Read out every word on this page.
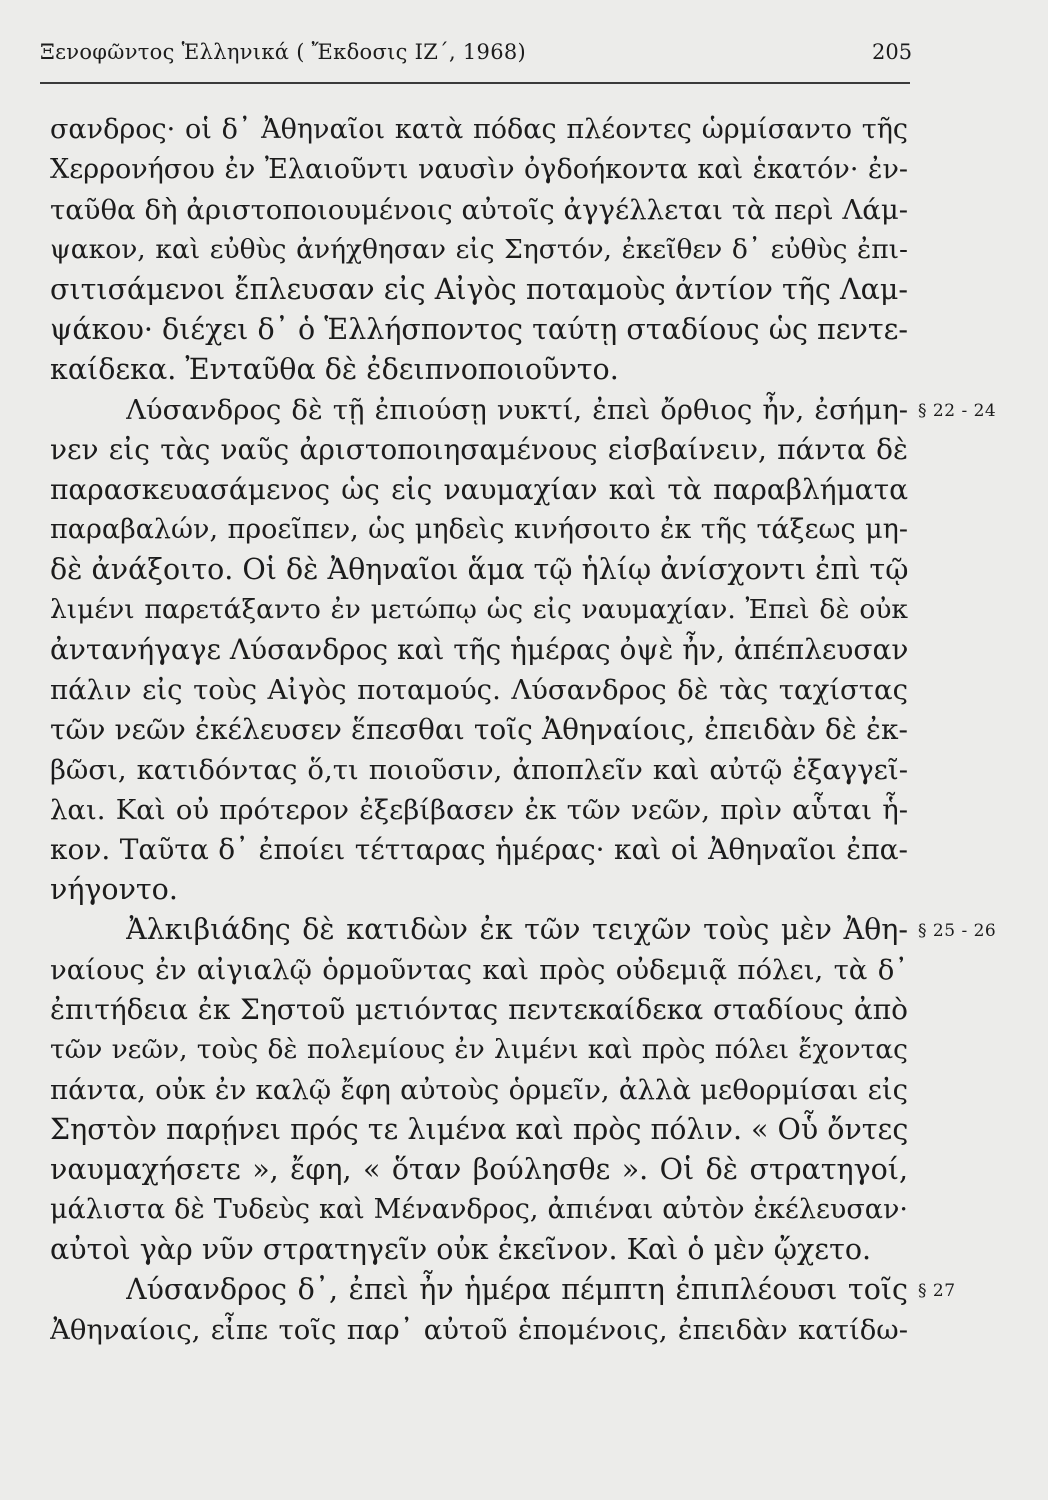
Ξενοφῶντος Ἑλληνικά ( Ἔκδοσις ΙΖ΄, 1968)	205
σανδρος· οἱ δ᾿ Ἀθηναῖοι κατὰ πόδας πλέοντες ὡρμίσαντο τῆς
Χερρονήσου ἐν Ἐλαιοῦντι ναυσὶν ὀγδοήκοντα καὶ ἑκατόν· ἐν-
ταῦθα δὴ ἀριστοποιουμένοις αὐτοῖς ἀγγέλλεται τὰ περὶ Λάμ-
ψακον, καὶ εὐθὺς ἀνήχθησαν εἰς Σηστόν, ἐκεῖθεν δ᾿ εὐθὺς ἐπι-
σιτισάμενοι ἔπλευσαν εἰς Αἰγὸς ποταμοὺς ἀντίον τῆς Λαμ-
ψάκου· διέχει δ᾿ ὁ Ἑλλήσποντος ταύτῃ σταδίους ὡς πεντε-
καίδεκα. Ἐνταῦθα δὲ ἐδειπνοποιοῦντο.
Λύσανδρος δὲ τῇ ἐπιούσῃ νυκτί, ἐπεὶ ὄρθιος ἦν, ἐσήμη- § 22 - 24
νεν εἰς τὰς ναῦς ἀριστοποιησαμένους εἰσβαίνειν, πάντα δὲ
παρασκευασάμενος ὡς εἰς ναυμαχίαν καὶ τὰ παραβλήματα
παραβαλών, προεῖπεν, ὡς μηδεὶς κινήσοιτο ἐκ τῆς τάξεως μη-
δὲ ἀνάξοιτο. Οἱ δὲ Ἀθηναῖοι ἅμα τῷ ἡλίῳ ἀνίσχοντι ἐπὶ τῷ
λιμένι παρετάξαντο ἐν μετώπῳ ὡς εἰς ναυμαχίαν. Ἐπεὶ δὲ οὐκ
ἀντανήγαγε Λύσανδρος καὶ τῆς ἡμέρας ὀψὲ ἦν, ἀπέπλευσαν
πάλιν εἰς τοὺς Αἰγὸς ποταμούς. Λύσανδρος δὲ τὰς ταχίστας
τῶν νεῶν ἐκέλευσεν ἕπεσθαι τοῖς Ἀθηναίοις, ἐπειδὰν δὲ ἐκ-
βῶσι, κατιδόντας ὅ,τι ποιοῦσιν, ἀποπλεῖν καὶ αὐτῷ ἐξαγγεῖ-
λαι. Καὶ οὐ πρότερον ἐξεβίβασεν ἐκ τῶν νεῶν, πρὶν αὗται ἧ-
κον. Ταῦτα δ᾿ ἐποίει τέτταρας ἡμέρας· καὶ οἱ Ἀθηναῖοι ἐπα-
νήγοντο.
Ἀλκιβιάδης δὲ κατιδὼν ἐκ τῶν τειχῶν τοὺς μὲν Ἀθη- § 25 - 26
ναίους ἐν αἰγιαλῷ ὁρμοῦντας καὶ πρὸς οὐδεμιᾷ πόλει, τὰ δ᾿
ἐπιτήδεια ἐκ Σηστοῦ μετιόντας πεντεκαίδεκα σταδίους ἀπὸ
τῶν νεῶν, τοὺς δὲ πολεμίους ἐν λιμένι καὶ πρὸς πόλει ἔχοντας
πάντα, οὐκ ἐν καλῷ ἔφη αὐτοὺς ὁρμεῖν, ἀλλὰ μεθορμίσαι εἰς
Σηστὸν παρῄνει πρός τε λιμένα καὶ πρὸς πόλιν. « Οὗ ὄντες
ναυμαχήσετε », ἔφη, « ὅταν βούλησθε ». Οἱ δὲ στρατηγοί,
μάλιστα δὲ Τυδεὺς καὶ Μένανδρος, ἀπιέναι αὐτὸν ἐκέλευσαν·
αὐτοὶ γὰρ νῦν στρατηγεῖν οὐκ ἐκεῖνον. Καὶ ὁ μὲν ᾤχετο.
Λύσανδρος δ᾿, ἐπεὶ ἦν ἡμέρα πέμπτη ἐπιπλέουσι τοῖς § 27
Ἀθηναίοις, εἶπε τοῖς παρ᾿ αὐτοῦ ἑπομένοις, ἐπειδὰν κατίδω-
